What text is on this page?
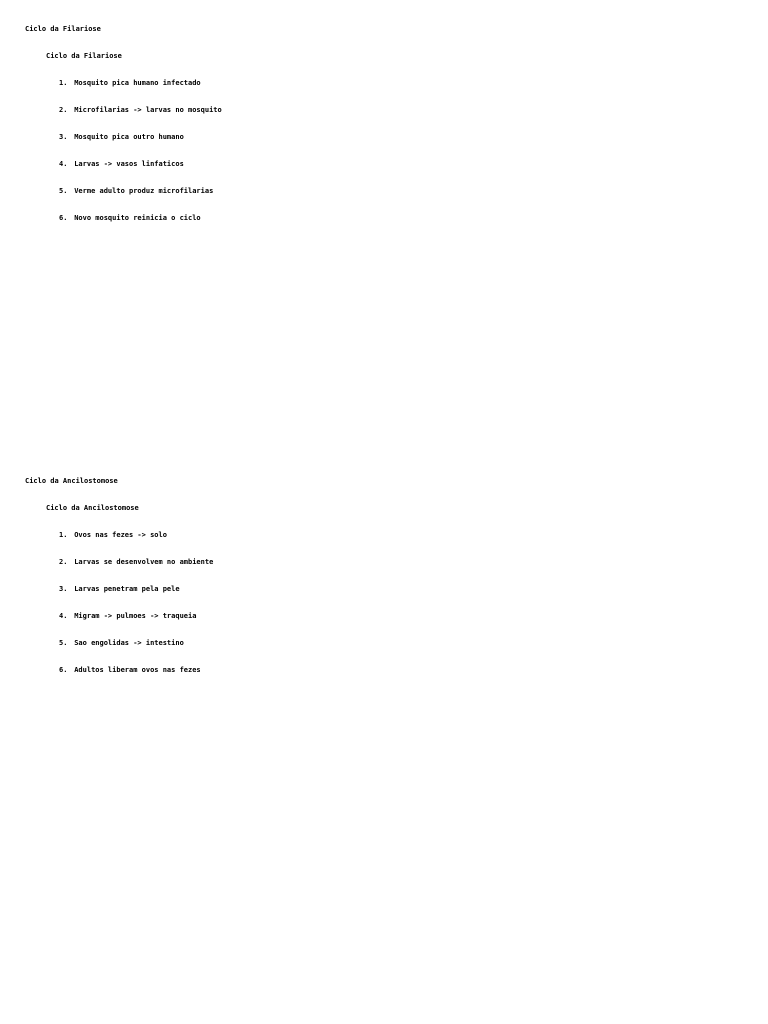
Ciclo da Filariose
Ciclo da Filariose
1. Mosquito pica humano infectado
2. Microfilarias -> larvas no mosquito
3. Mosquito pica outro humano
4. Larvas -> vasos linfaticos
5. Verme adulto produz microfilarias
6. Novo mosquito reinicia o ciclo
Ciclo da Ancilostomose
Ciclo da Ancilostomose
1. Ovos nas fezes -> solo
2. Larvas se desenvolvem no ambiente
3. Larvas penetram pela pele
4. Migram -> pulmoes -> traqueia
5. Sao engolidas -> intestino
6. Adultos liberam ovos nas fezes
